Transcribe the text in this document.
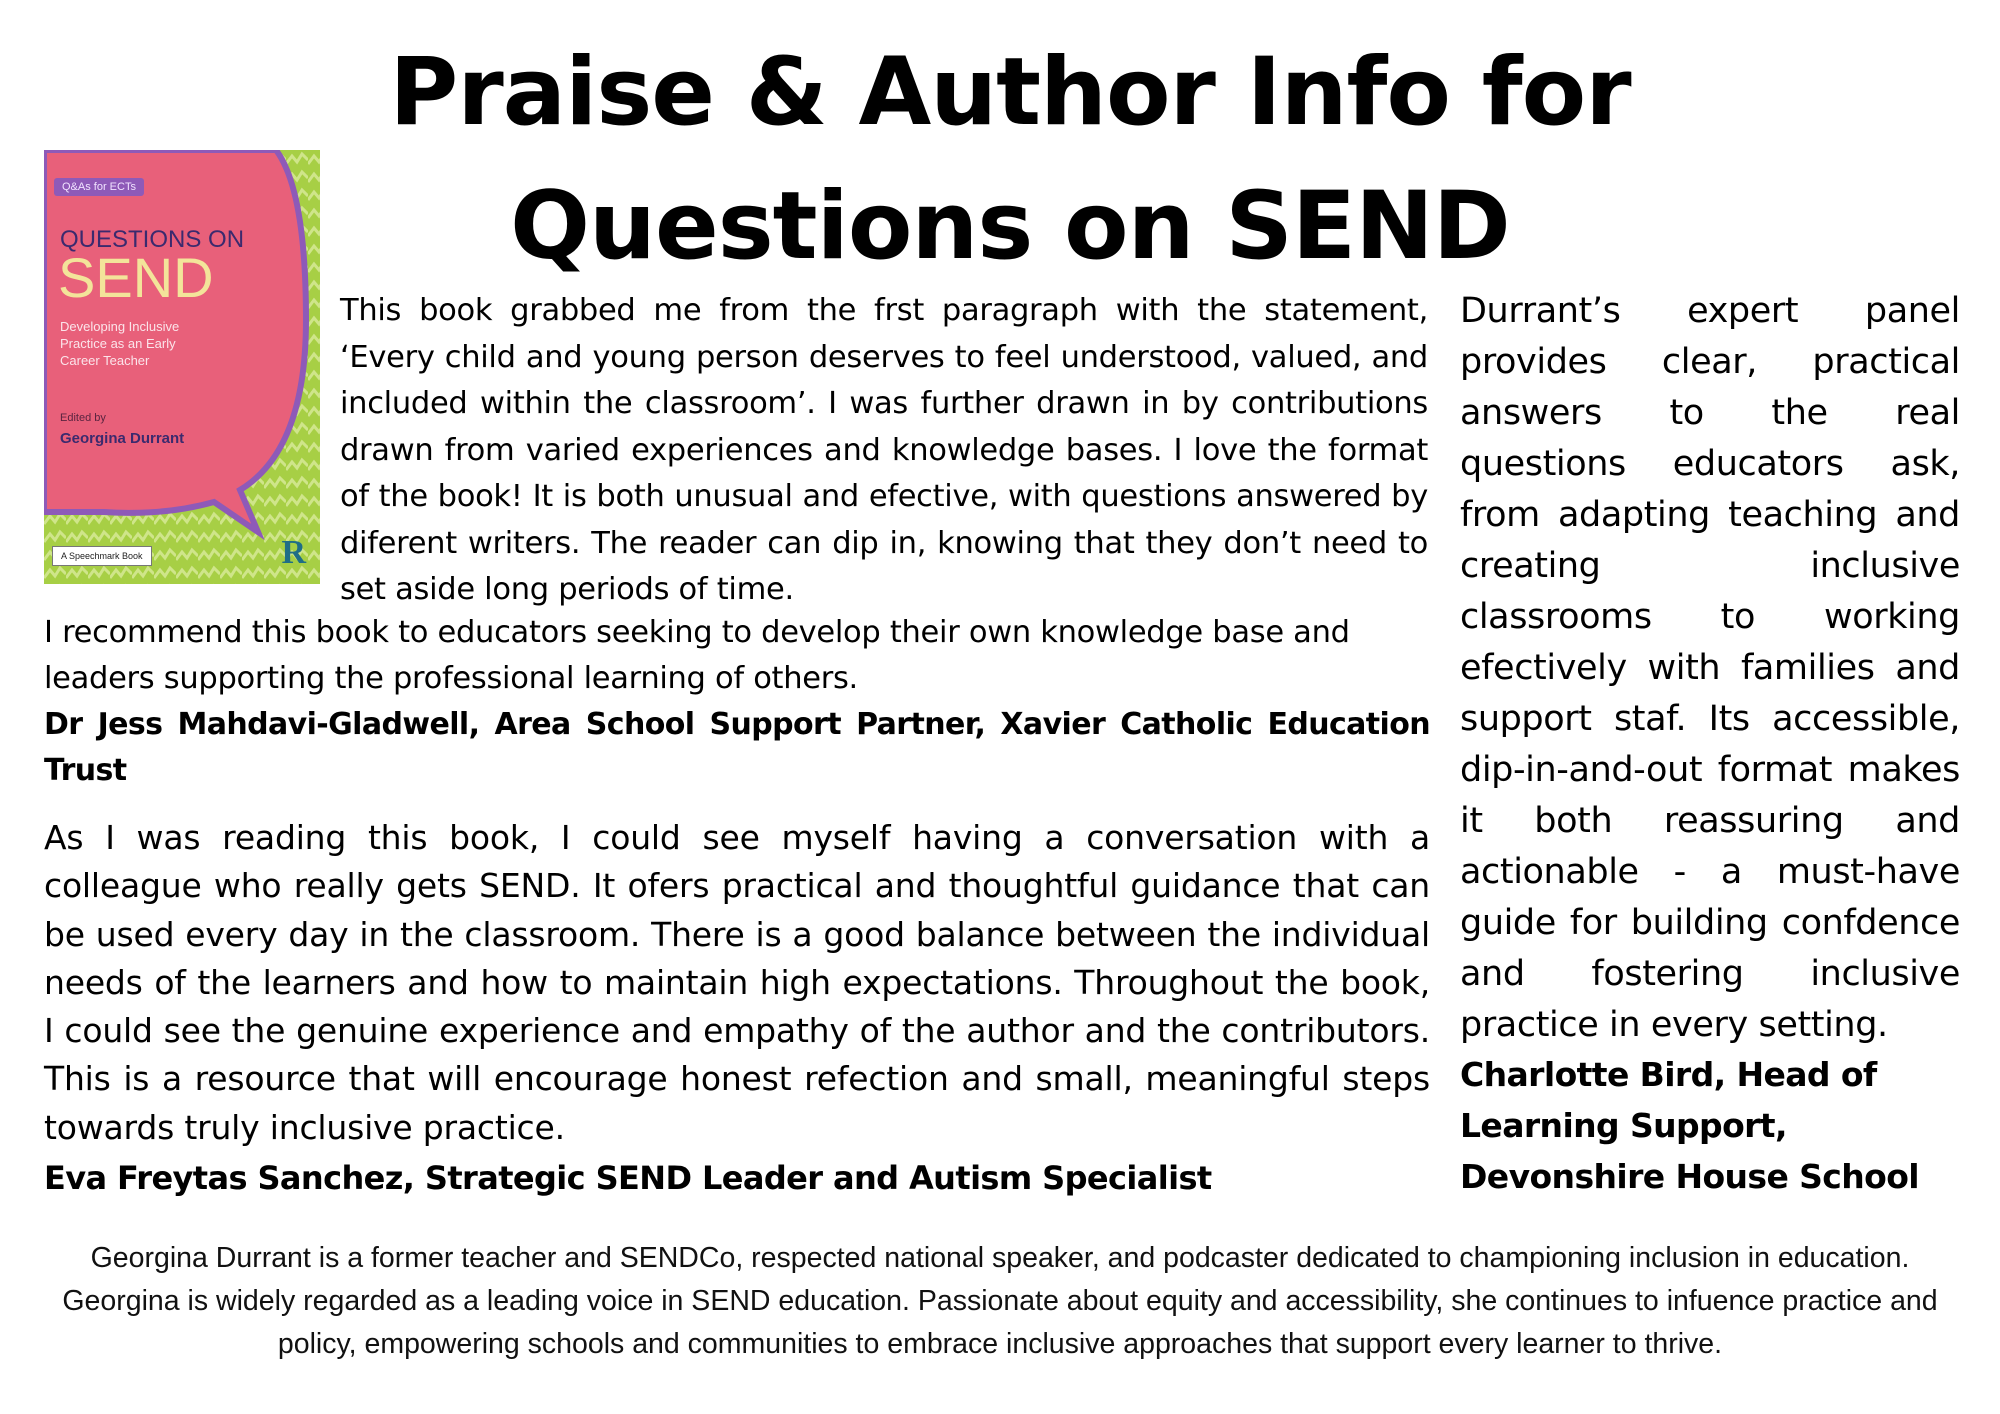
Praise & Author Info for
Questions on SEND
Q&As for ECTs
QUESTIONS ON
SEND
Developing Inclusive Practice as an Early Career Teacher
Edited by
Georgina Durrant
A Speechmark Book	R

This book grabbed me from the frst paragraph with the statement, ‘Every child and young person deserves to feel understood, valued, and included within the classroom’. I was further drawn in by contributions drawn from varied experiences and knowledge bases. I love the format of the book! It is both unusual and efective, with questions answered by diferent writers. The reader can dip in, knowing that they don’t need to set aside long periods of time.

I recommend this book to educators seeking to develop their own knowledge base and leaders supporting the professional learning of others.

Dr Jess Mahdavi-Gladwell, Area School Support Partner, Xavier Catholic Education Trust

As I was reading this book, I could see myself having a conversation with a colleague who really gets SEND. It ofers practical and thoughtful guidance that can be used every day in the classroom. There is a good balance between the individual needs of the learners and how to maintain high expectations. Throughout the book, I could see the genuine experience and empathy of the author and the contributors. This is a resource that will encourage honest refection and small, meaningful steps towards truly inclusive practice.

Eva Freytas Sanchez, Strategic SEND Leader and Autism Specialist

Durrant’s expert panel provides clear, practical answers to the real questions educators ask, from adapting teaching and creating inclusive classrooms to working efectively with families and support staf. Its accessible, dip-in-and-out format makes it both reassuring and actionable - a must-have guide for building confdence and fostering inclusive practice in every setting.

Charlotte Bird, Head of Learning Support, Devonshire House School

Georgina Durrant is a former teacher and SENDCo, respected national speaker, and podcaster dedicated to championing inclusion in education. Georgina is widely regarded as a leading voice in SEND education. Passionate about equity and accessibility, she continues to infuence practice and policy, empowering schools and communities to embrace inclusive approaches that support every learner to thrive.
